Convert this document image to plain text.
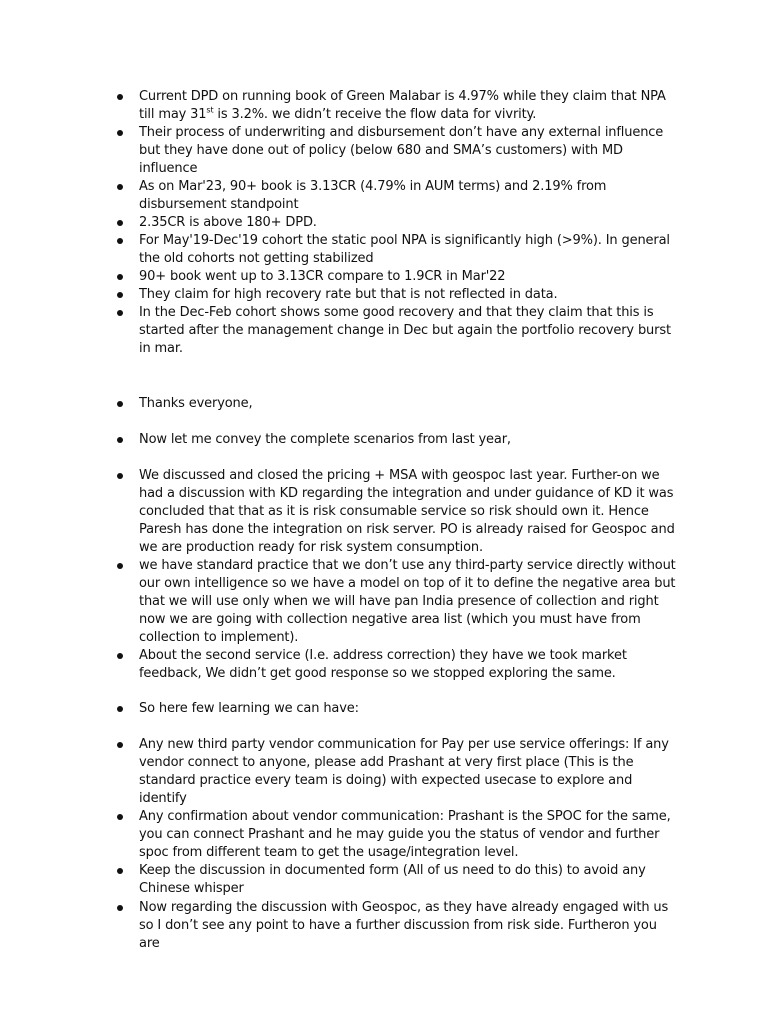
Current DPD on running book of Green Malabar is 4.97% while they claim that NPA till may 31st is 3.2%. we didn’t receive the flow data for vivrity.
Their process of underwriting and disbursement don’t have any external influence but they have done out of policy (below 680 and SMA’s customers) with MD influence
As on Mar'23, 90+ book is 3.13CR (4.79% in AUM terms) and 2.19% from disbursement standpoint
2.35CR is above 180+ DPD.
For May'19-Dec'19 cohort the static pool NPA is significantly high (>9%). In general the old cohorts not getting stabilized
90+ book went up to 3.13CR compare to 1.9CR in Mar'22
They claim for high recovery rate but that is not reflected in data.
In the Dec-Feb cohort shows some good recovery and that they claim that this is started after the management change in Dec but again the portfolio recovery burst in mar.
Thanks everyone,
Now let me convey the complete scenarios from last year,
We discussed and closed the pricing + MSA with geospoc last year. Further-on we had a discussion with KD regarding the integration and under guidance of KD it was concluded that that as it is risk consumable service so risk should own it. Hence Paresh has done the integration on risk server. PO is already raised for Geospoc and we are production ready for risk system consumption.
we have standard practice that we don’t use any third-party service directly without our own intelligence so we have a model on top of it to define the negative area but that we will use only when we will have pan India presence of collection and right now we are going with collection negative area list (which you must have from collection to implement).
About the second service (I.e. address correction) they have we took market feedback, We didn’t get good response so we stopped exploring the same.
So here few learning we can have:
Any new third party vendor communication for Pay per use service offerings: If any vendor connect to anyone, please add Prashant at very first place (This is the standard practice every team is doing) with expected usecase to explore and identify
Any confirmation about vendor communication: Prashant is the SPOC for the same, you can connect Prashant and he may guide you the status of vendor and further spoc from different team to get the usage/integration level.
Keep the discussion in documented form (All of us need to do this) to avoid any Chinese whisper
Now regarding the discussion with Geospoc, as they have already engaged with us so I don’t see any point to have a further discussion from risk side. Furtheron you are
